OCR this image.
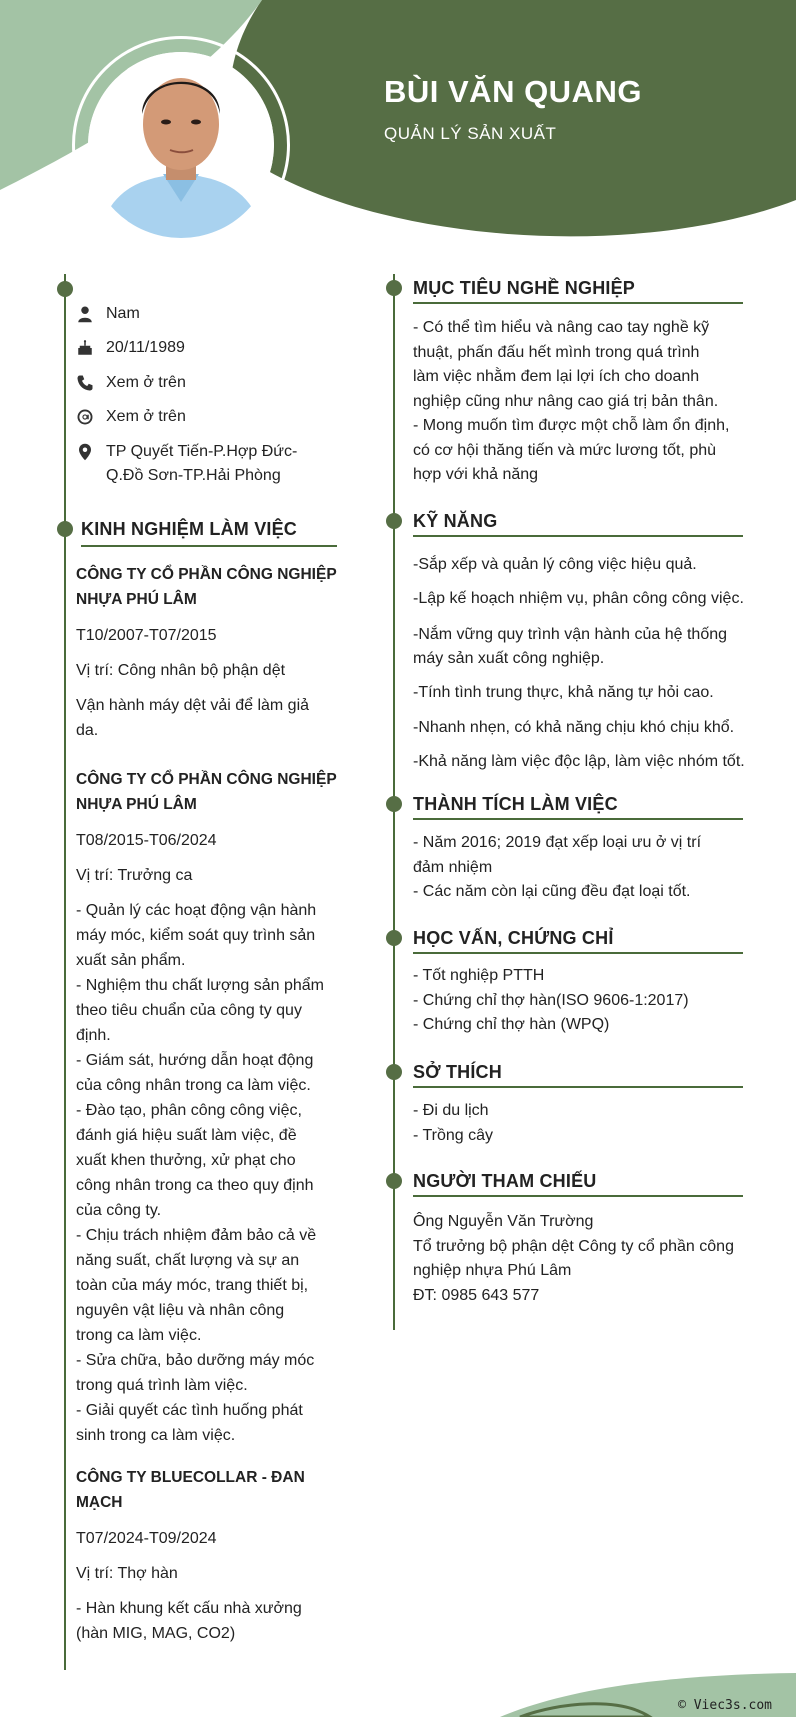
BÙI VĂN QUANG
QUẢN LÝ SẢN XUẤT
Nam
20/11/1989
Xem ở trên
Xem ở trên
TP Quyết Tiến-P.Hợp Đức-
Q.Đồ Sơn-TP.Hải Phòng
KINH NGHIỆM LÀM VIỆC
CÔNG TY CỔ PHẦN CÔNG NGHIỆP
NHỰA PHÚ LÂM
T10/2007-T07/2015
Vị trí: Công nhân bộ phận dệt
Vận hành máy dệt vải để làm giả
da.
CÔNG TY CỔ PHẦN CÔNG NGHIỆP
NHỰA PHÚ LÂM
T08/2015-T06/2024
Vị trí: Trưởng ca
- Quản lý các hoạt động vận hành
máy móc, kiểm soát quy trình sản
xuất sản phẩm.
- Nghiệm thu chất lượng sản phẩm
theo tiêu chuẩn của công ty quy
định.
- Giám sát, hướng dẫn hoạt động
của công nhân trong ca làm việc.
- Đào tạo, phân công công việc,
đánh giá hiệu suất làm việc, đề
xuất khen thưởng, xử phạt cho
công nhân trong ca theo quy định
của công ty.
- Chịu trách nhiệm đảm bảo cả về
năng suất, chất lượng và sự an
toàn của máy móc, trang thiết bị,
nguyên vật liệu và nhân công
trong ca làm việc.
- Sửa chữa, bảo dưỡng máy móc
trong quá trình làm việc.
- Giải quyết các tình huống phát
sinh trong ca làm việc.
CÔNG TY BLUECOLLAR - ĐAN
MẠCH
T07/2024-T09/2024
Vị trí: Thợ hàn
- Hàn khung kết cấu nhà xưởng
(hàn MIG, MAG, CO2)
MỤC TIÊU NGHỀ NGHIỆP
- Có thể tìm hiểu và nâng cao tay nghề kỹ
thuật, phấn đấu hết mình trong quá trình
làm việc nhằm đem lại lợi ích cho doanh
nghiệp cũng như nâng cao giá trị bản thân.
- Mong muốn tìm được một chỗ làm ổn định,
có cơ hội thăng tiến và mức lương tốt, phù
hợp với khả năng
KỸ NĂNG
-Sắp xếp và quản lý công việc hiệu quả.
-Lập kế hoạch nhiệm vụ, phân công công việc.
-Nắm vững quy trình vận hành của hệ thống
máy sản xuất công nghiệp.
-Tính tình trung thực, khả năng tự hỏi cao.
-Nhanh nhẹn, có khả năng chịu khó chịu khổ.
-Khả năng làm việc độc lập, làm việc nhóm tốt.
THÀNH TÍCH LÀM VIỆC
- Năm 2016; 2019 đạt xếp loại ưu ở vị trí
đảm nhiệm
- Các năm còn lại cũng đều đạt loại tốt.
HỌC VẤN, CHỨNG CHỈ
- Tốt nghiệp PTTH
- Chứng chỉ thợ hàn(ISO 9606-1:2017)
- Chứng chỉ thợ hàn (WPQ)
SỞ THÍCH
- Đi du lịch
- Trồng cây
NGƯỜI THAM CHIẾU
Ông Nguyễn Văn Trường
Tổ trưởng bộ phận dệt Công ty cổ phần công
nghiệp nhựa Phú Lâm
ĐT: 0985 643 577
© Viec3s.com
